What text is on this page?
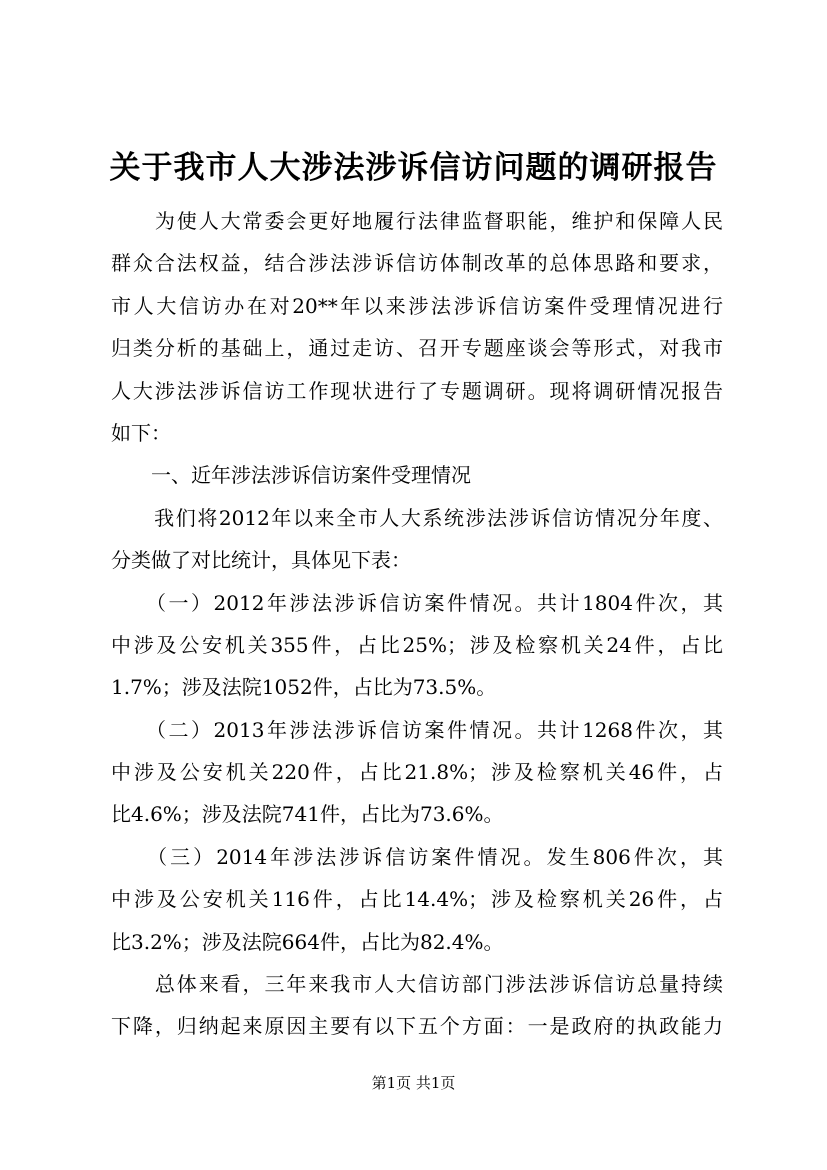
关于我市人大涉法涉诉信访问题的调研报告
　　为使人大常委会更好地履行法律监督职能，维护和保障人民
群众合法权益，结合涉法涉诉信访体制改革的总体思路和要求，
市人大信访办在对20**年以来涉法涉诉信访案件受理情况进行
归类分析的基础上，通过走访、召开专题座谈会等形式，对我市
人大涉法涉诉信访工作现状进行了专题调研。现将调研情况报告
如下：
　　一、近年涉法涉诉信访案件受理情况
　　我们将2012年以来全市人大系统涉法涉诉信访情况分年度、
分类做了对比统计，具体见下表：
　　（一）2012年涉法涉诉信访案件情况。共计1804件次，其
中涉及公安机关355件，占比25%；涉及检察机关24件，占比
1.7%；涉及法院1052件，占比为73.5%。
　　（二）2013年涉法涉诉信访案件情况。共计1268件次，其
中涉及公安机关220件，占比21.8%；涉及检察机关46件，占
比4.6%；涉及法院741件，占比为73.6%。
　　（三）2014年涉法涉诉信访案件情况。发生806件次，其
中涉及公安机关116件，占比14.4%；涉及检察机关26件，占
比3.2%；涉及法院664件，占比为82.4%。
　　总体来看，三年来我市人大信访部门涉法涉诉信访总量持续
下降，归纳起来原因主要有以下五个方面：一是政府的执政能力
第1页 共1页
